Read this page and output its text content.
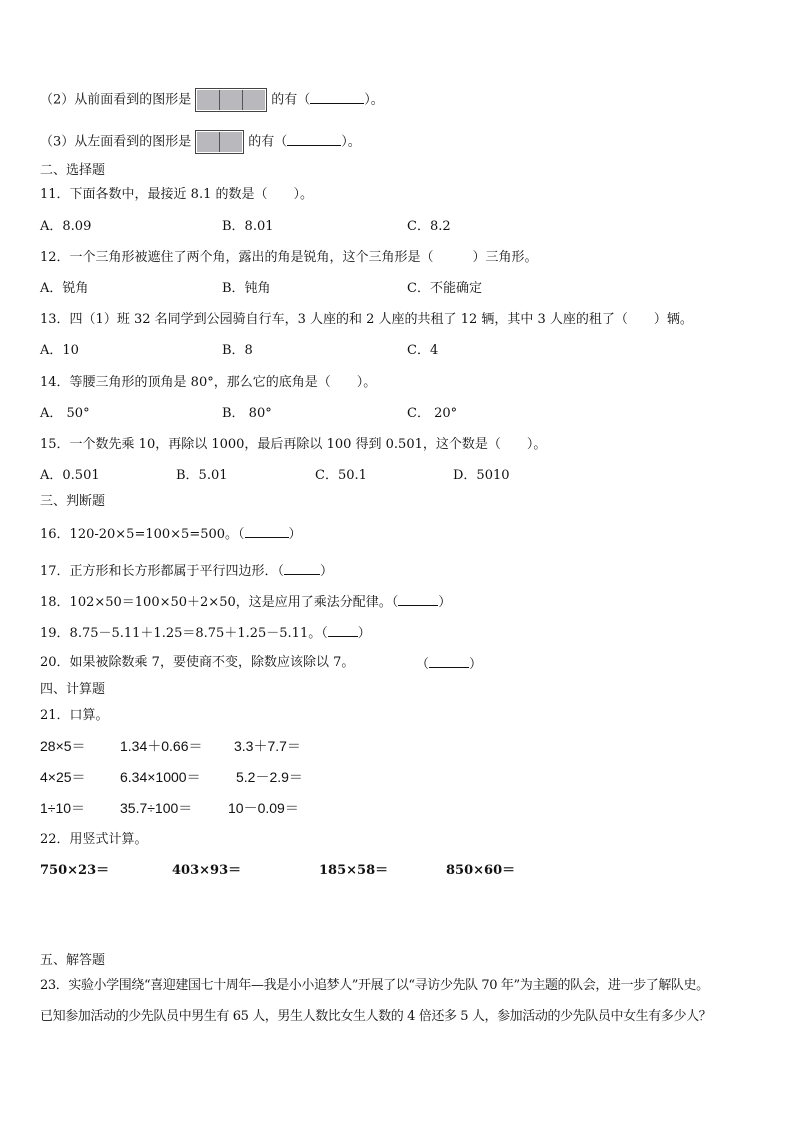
（2）从前面看到的图形是	的有（	）。
（3）从左面看到的图形是	的有（	）。
二、选择题
11．下面各数中，最接近 8.1 的数是（　　）。
A．8.09	B．8.01	C．8.2
12．一个三角形被遮住了两个角，露出的角是锐角，这个三角形是（　　　）三角形。
A．锐角	B．钝角	C．不能确定
13．四（1）班 32 名同学到公园骑自行车，3 人座的和 2 人座的共租了 12 辆，其中 3 人座的租了（　　）辆。
A．10	B．8	C．4
14．等腰三角形的顶角是 80°，那么它的底角是（　　）。
A． 50°	B． 80°	C． 20°
15．一个数先乘 10，再除以 1000，最后再除以 100 得到 0.501，这个数是（　　）。
A．0.501	B．5.01	C．50.1	D．5010
三、判断题
16．120-20×5=100×5=500。（	）
17．正方形和长方形都属于平行四边形．（	）
18．102×50＝100×50＋2×50，这是应用了乘法分配律。（	）
19．8.75－5.11＋1.25＝8.75＋1.25－5.11。（ ）
20．如果被除数乘 7，要使商不变，除数应该除以 7。	（	）
四、计算题
21．口算。
28×5＝ 1.34＋0.66＝ 3.3＋7.7＝
4×25＝ 6.34×1000＝	5.2－2.9＝
1÷10＝ 35.7÷100＝	10－0.09＝
22．用竖式计算。
750×23＝	403×93＝	185×58＝	850×60＝
五、解答题
23．实验小学围绕“喜迎建国七十周年—我是小小追梦人”开展了以“寻访少先队 70 年”为主题的队会，进一步了解队史。
已知参加活动的少先队员中男生有 65 人，男生人数比女生人数的 4 倍还多 5 人，参加活动的少先队员中女生有多少人？
